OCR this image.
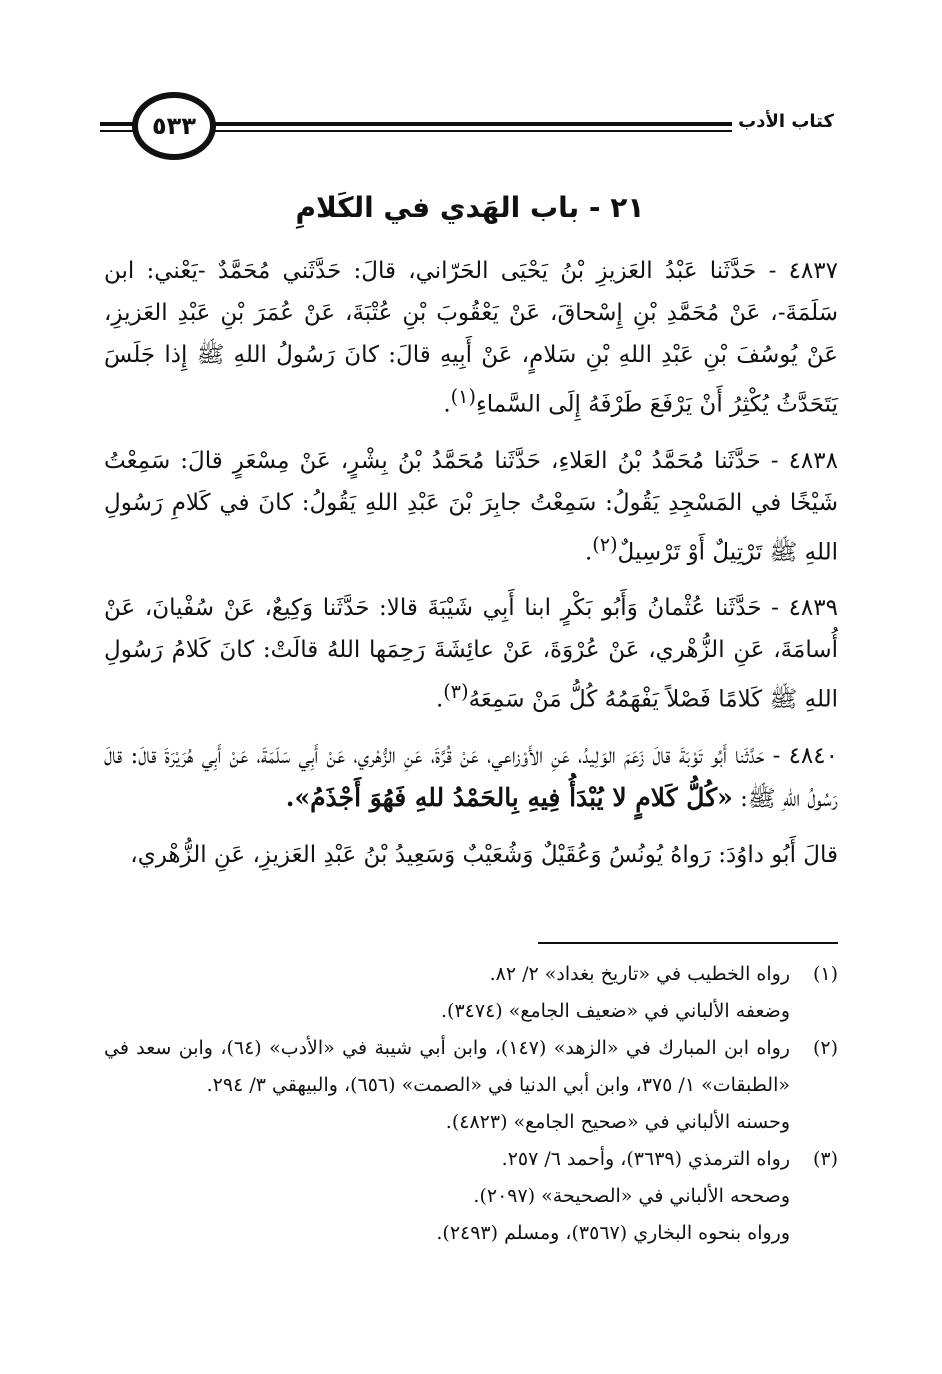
٥٣٣	كتاب الأدب
٢١ - باب الهَدي في الكَلامِ

٤٨٣٧ - حَدَّثَنا عَبْدُ العَزيزِ بْنُ يَحْيَى الحَرّاني، قالَ: حَدَّثَني مُحَمَّدٌ -يَعْني: ابن سَلَمَةَ-، عَنْ مُحَمَّدِ بْنِ إِسْحاقَ، عَنْ يَعْقُوبَ بْنِ عُتْبَةَ، عَنْ عُمَرَ بْنِ عَبْدِ العَزيزِ، عَنْ يُوسُفَ بْنِ عَبْدِ اللهِ بْنِ سَلامٍ، عَنْ أَبِيهِ قالَ: كانَ رَسُولُ اللهِ ﷺ إِذا جَلَسَ يَتَحَدَّثُ يُكْثِرُ أَنْ يَرْفَعَ طَرْفَهُ إِلَى السَّماءِ$^{(١)}$.

٤٨٣٨ - حَدَّثَنا مُحَمَّدُ بْنُ العَلاءِ، حَدَّثَنا مُحَمَّدُ بْنُ بِشْرٍ، عَنْ مِسْعَرٍ قالَ: سَمِعْتُ شَيْخًا في المَسْجِدِ يَقُولُ: سَمِعْتُ جابِرَ بْنَ عَبْدِ اللهِ يَقُولُ: كانَ في كَلامِ رَسُولِ اللهِ ﷺ تَرْتِيلٌ أَوْ تَرْسِيلٌ$^{(٢)}$.

٤٨٣٩ - حَدَّثَنا عُثْمانُ وَأَبُو بَكْرٍ ابنا أَبِي شَيْبَةَ قالا: حَدَّثَنا وَكِيعٌ، عَنْ سُفْيانَ، عَنْ أُسامَةَ، عَنِ الزُّهْري، عَنْ عُرْوَةَ، عَنْ عائِشَةَ رَحِمَها اللهُ قالَتْ: كانَ كَلامُ رَسُولِ اللهِ ﷺ كَلامًا فَصْلاً يَفْهَمُهُ كُلُّ مَنْ سَمِعَهُ$^{(٣)}$.

٤٨٤٠ - حَدَّثَنا أَبُو تَوْبَةَ قالَ زَعَمَ الوَلِيدُ، عَنِ الأَوْزاعي، عَنْ قُرَّةَ، عَنِ الزُّهْري، عَنْ أَبِي سَلَمَةَ، عَنْ أَبِي هُرَيْرَةَ قالَ: قالَ رَسُولُ اللهِ ﷺ: «كُلُّ كَلامٍ لا يُبْدَأُ فِيهِ بِالحَمْدُ للهِ فَهُوَ أَجْذَمُ».

قالَ أَبُو داوُدَ: رَواهُ يُونُسُ وَعُقَيْلٌ وَشُعَيْبٌ وَسَعِيدُ بْنُ عَبْدِ العَزيزِ، عَنِ الزُّهْري،

(١)
رواه الخطيب في «تاريخ بغداد» ٢/ ٨٢.
وضعفه الألباني في «ضعيف الجامع» (٣٤٧٤).
(٢)
رواه ابن المبارك في «الزهد» (١٤٧)، وابن أبي شيبة في «الأدب» (٦٤)، وابن سعد في «الطبقات» ١/ ٣٧٥، وابن أبي الدنيا في «الصمت» (٦٥٦)، والبيهقي ٣/ ٢٩٤.
وحسنه الألباني في «صحيح الجامع» (٤٨٢٣).
(٣)
رواه الترمذي (٣٦٣٩)، وأحمد ٦/ ٢٥٧.
وصححه الألباني في «الصحيحة» (٢٠٩٧).
ورواه بنحوه البخاري (٣٥٦٧)، ومسلم (٢٤٩٣).
